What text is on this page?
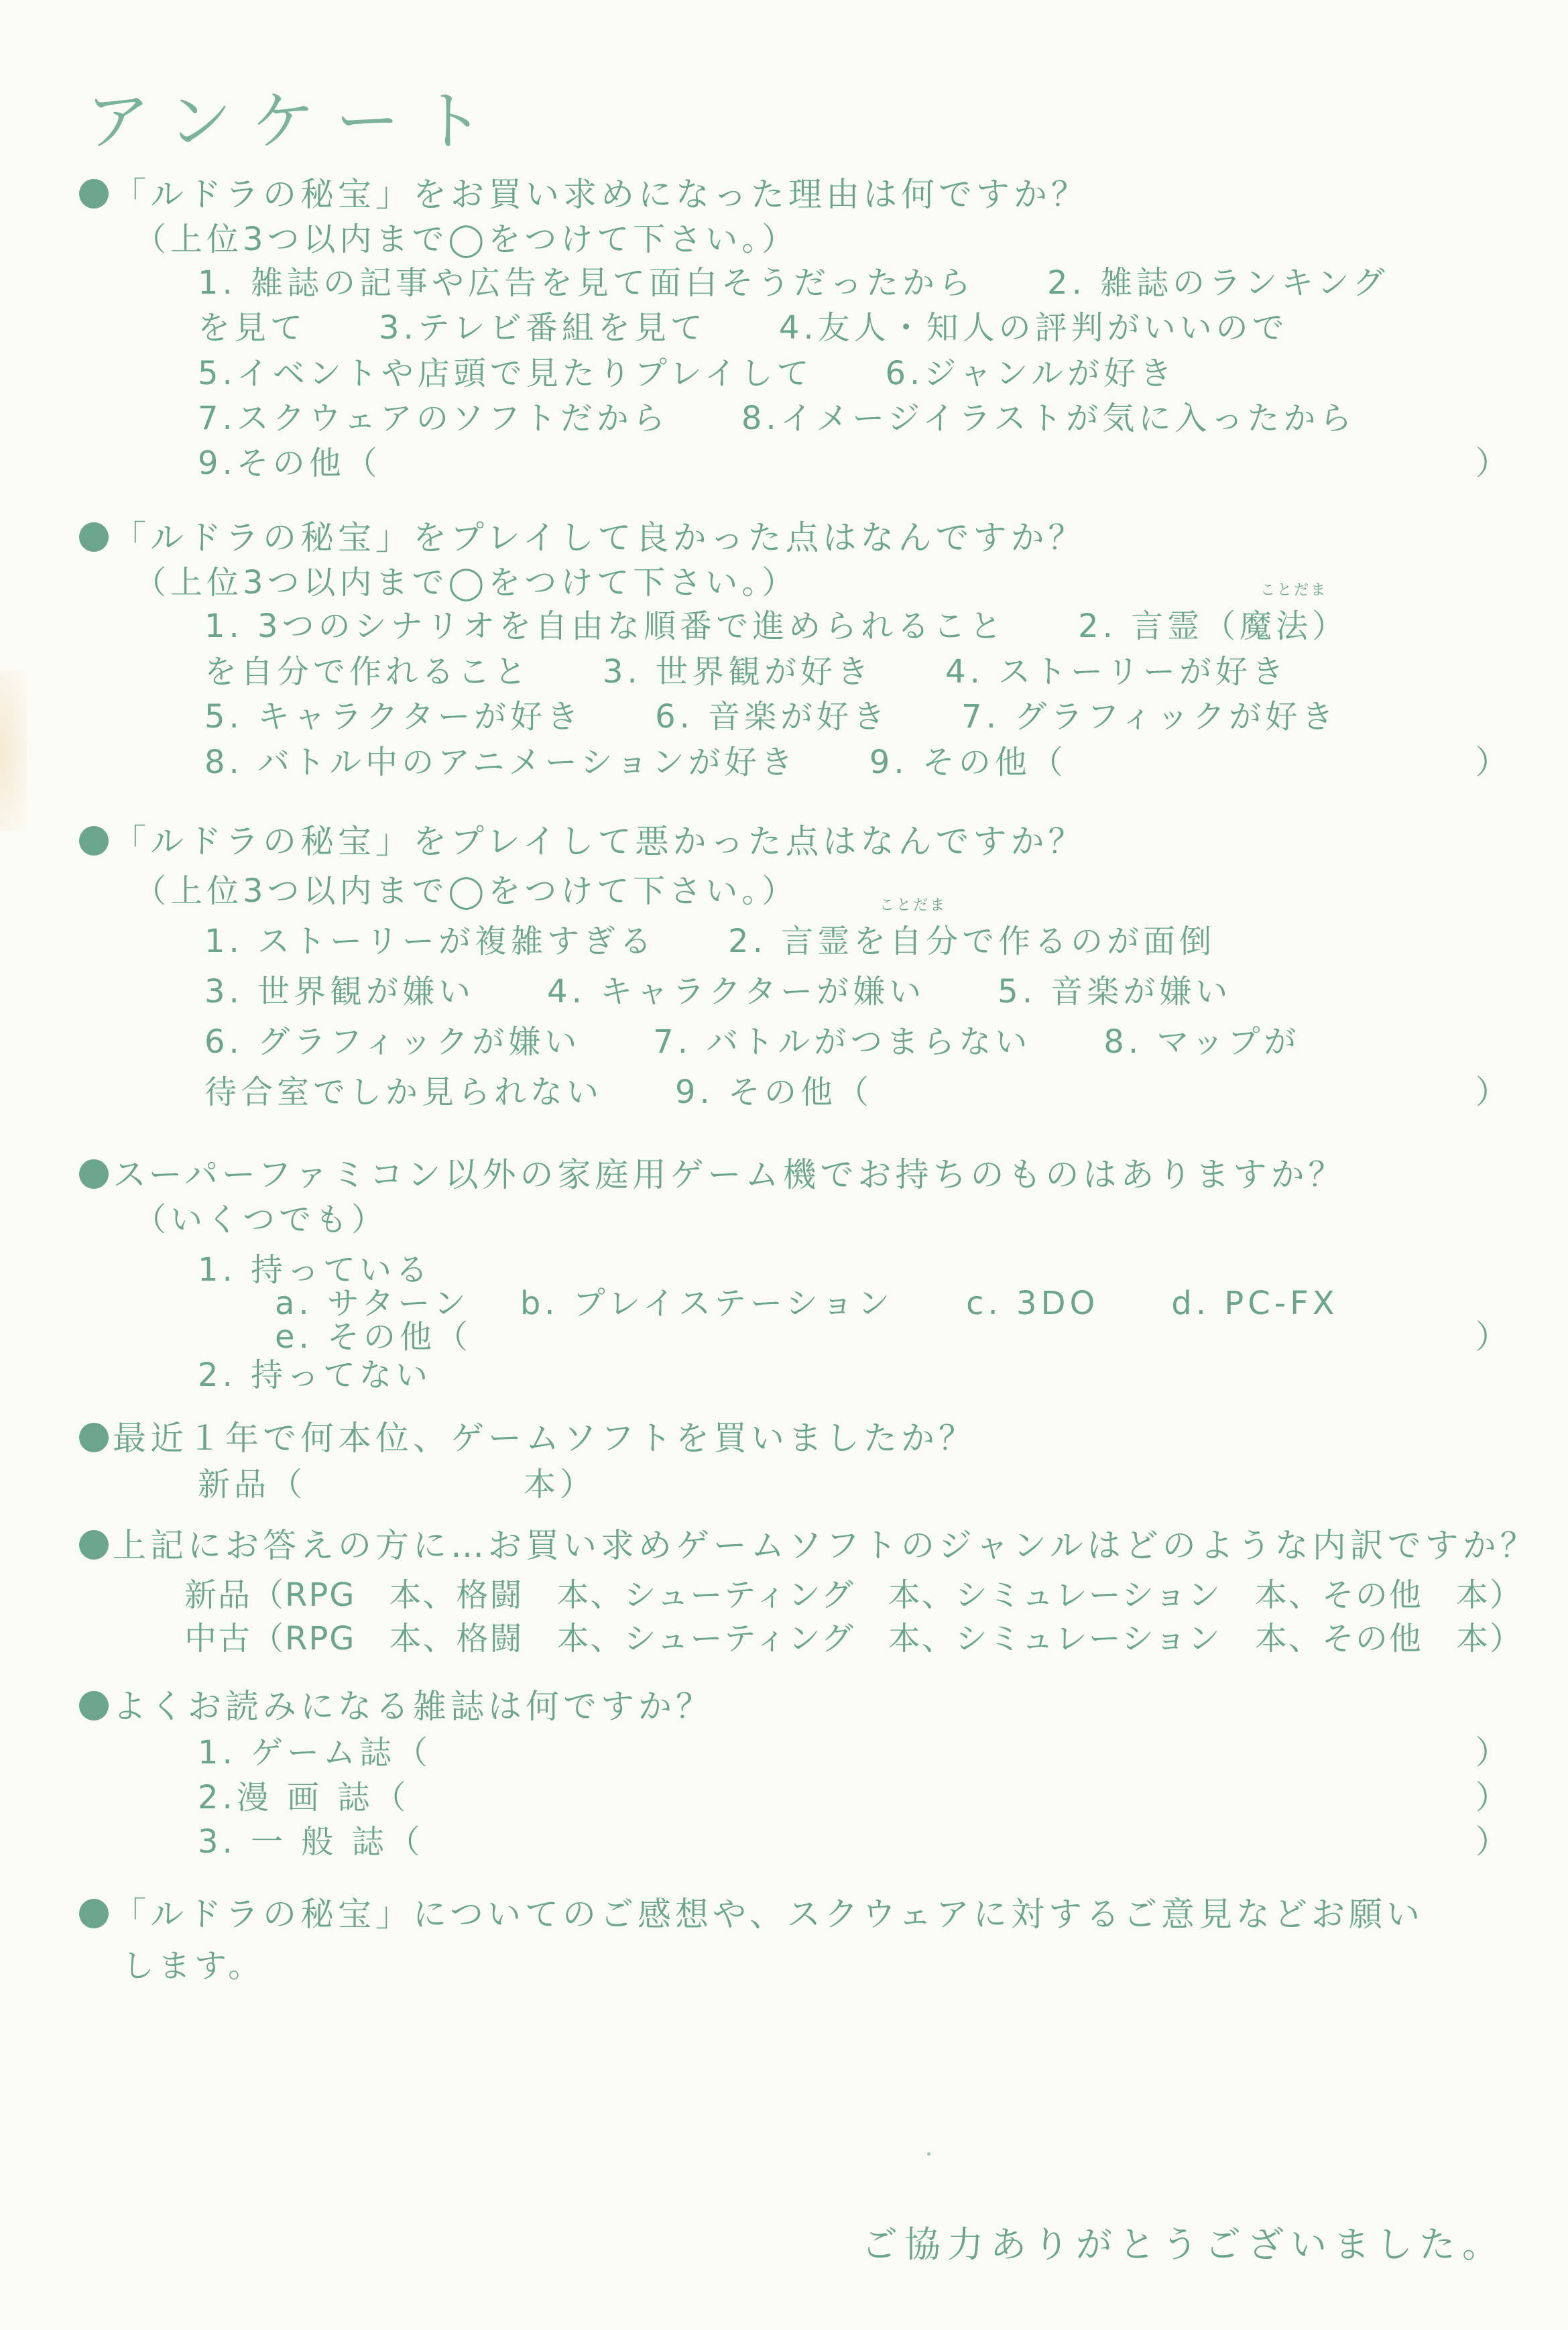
アンケート
「ルドラの秘宝」をお買い求めになった理由は何ですか？
（上位3つ以内まで◯をつけて下さい。）
1. 雑誌の記事や広告を見て面白そうだったから　　2. 雑誌のランキング
を見て　　3.テレビ番組を見て　　4.友人・知人の評判がいいので
5.イベントや店頭で見たりプレイして　　6.ジャンルが好き
7.スクウェアのソフトだから　　8.イメージイラストが気に入ったから
9.その他（	）
「ルドラの秘宝」をプレイして良かった点はなんですか？
（上位3つ以内まで◯をつけて下さい。）	ことだま
1. 3つのシナリオを自由な順番で進められること　　2. 言霊（魔法）
を自分で作れること　　3. 世界観が好き　　4. ストーリーが好き
5. キャラクターが好き　　6. 音楽が好き　　7. グラフィックが好き
8. バトル中のアニメーションが好き　　9. その他（	）
「ルドラの秘宝」をプレイして悪かった点はなんですか？
（上位3つ以内まで◯をつけて下さい。）	ことだま
1. ストーリーが複雑すぎる　　2. 言霊を自分で作るのが面倒
3. 世界観が嫌い　　4. キャラクターが嫌い　　5. 音楽が嫌い
6. グラフィックが嫌い　　7. バトルがつまらない　　8. マップが
待合室でしか見られない　　9. その他（	）
スーパーファミコン以外の家庭用ゲーム機でお持ちのものはありますか？
（いくつでも）
1. 持っている
a. サターン　 b. プレイステーション　　c. 3DO　　d. PC-FX
e. その他（	）
2. 持ってない
最近１年で何本位、ゲームソフトを買いましたか？
新品（　　　　　　本）
上記にお答えの方に…お買い求めゲームソフトのジャンルはどのような内訳ですか？
新品（RPG　本、格闘　本、シューティング　本、シミュレーション　本、その他　本）
中古（RPG　本、格闘　本、シューティング　本、シミュレーション　本、その他　本）
よくお読みになる雑誌は何ですか？
1. ゲーム誌（	）
2.漫 画 誌（	）
3. 一 般 誌（	）
「ルドラの秘宝」についてのご感想や、スクウェアに対するご意見などお願い
します。
ご協力ありがとうございました。
